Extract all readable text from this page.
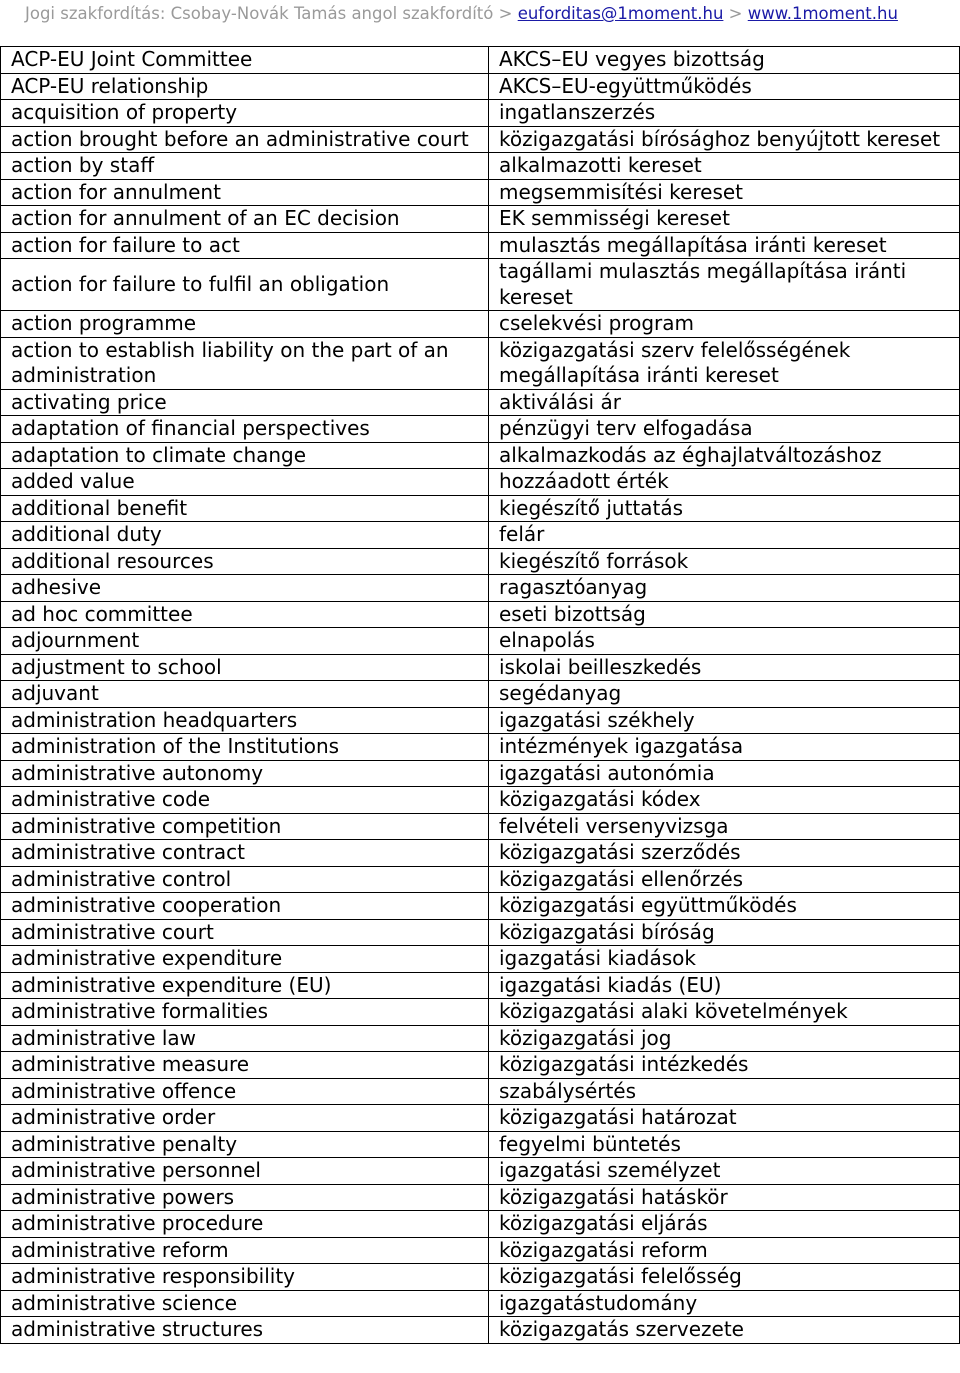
Jogi szakfordítás: Csobay-Novák Tamás angol szakfordító > euforditas@1moment.hu > www.1moment.hu
ACP-EU Joint Committee	AKCS–EU vegyes bizottság
ACP-EU relationship	AKCS–EU-együttműködés
acquisition of property	ingatlanszerzés
action brought before an administrative court	közigazgatási bírósághoz benyújtott kereset
action by staff	alkalmazotti kereset
action for annulment	megsemmisítési kereset
action for annulment of an EC decision	EK semmisségi kereset
action for failure to act	mulasztás megállapítása iránti kereset
action for failure to fulfil an obligation	tagállami mulasztás megállapítása iránti kereset
action programme	cselekvési program
action to establish liability on the part of an administration	közigazgatási szerv felelősségének megállapítása iránti kereset
activating price	aktiválási ár
adaptation of financial perspectives	pénzügyi terv elfogadása
adaptation to climate change	alkalmazkodás az éghajlatváltozáshoz
added value	hozzáadott érték
additional benefit	kiegészítő juttatás
additional duty	felár
additional resources	kiegészítő források
adhesive	ragasztóanyag
ad hoc committee	eseti bizottság
adjournment	elnapolás
adjustment to school	iskolai beilleszkedés
adjuvant	segédanyag
administration headquarters	igazgatási székhely
administration of the Institutions	intézmények igazgatása
administrative autonomy	igazgatási autonómia
administrative code	közigazgatási kódex
administrative competition	felvételi versenyvizsga
administrative contract	közigazgatási szerződés
administrative control	közigazgatási ellenőrzés
administrative cooperation	közigazgatási együttműködés
administrative court	közigazgatási bíróság
administrative expenditure	igazgatási kiadások
administrative expenditure (EU)	igazgatási kiadás (EU)
administrative formalities	közigazgatási alaki követelmények
administrative law	közigazgatási jog
administrative measure	közigazgatási intézkedés
administrative offence	szabálysértés
administrative order	közigazgatási határozat
administrative penalty	fegyelmi büntetés
administrative personnel	igazgatási személyzet
administrative powers	közigazgatási hatáskör
administrative procedure	közigazgatási eljárás
administrative reform	közigazgatási reform
administrative responsibility	közigazgatási felelősség
administrative science	igazgatástudomány
administrative structures	közigazgatás szervezete
